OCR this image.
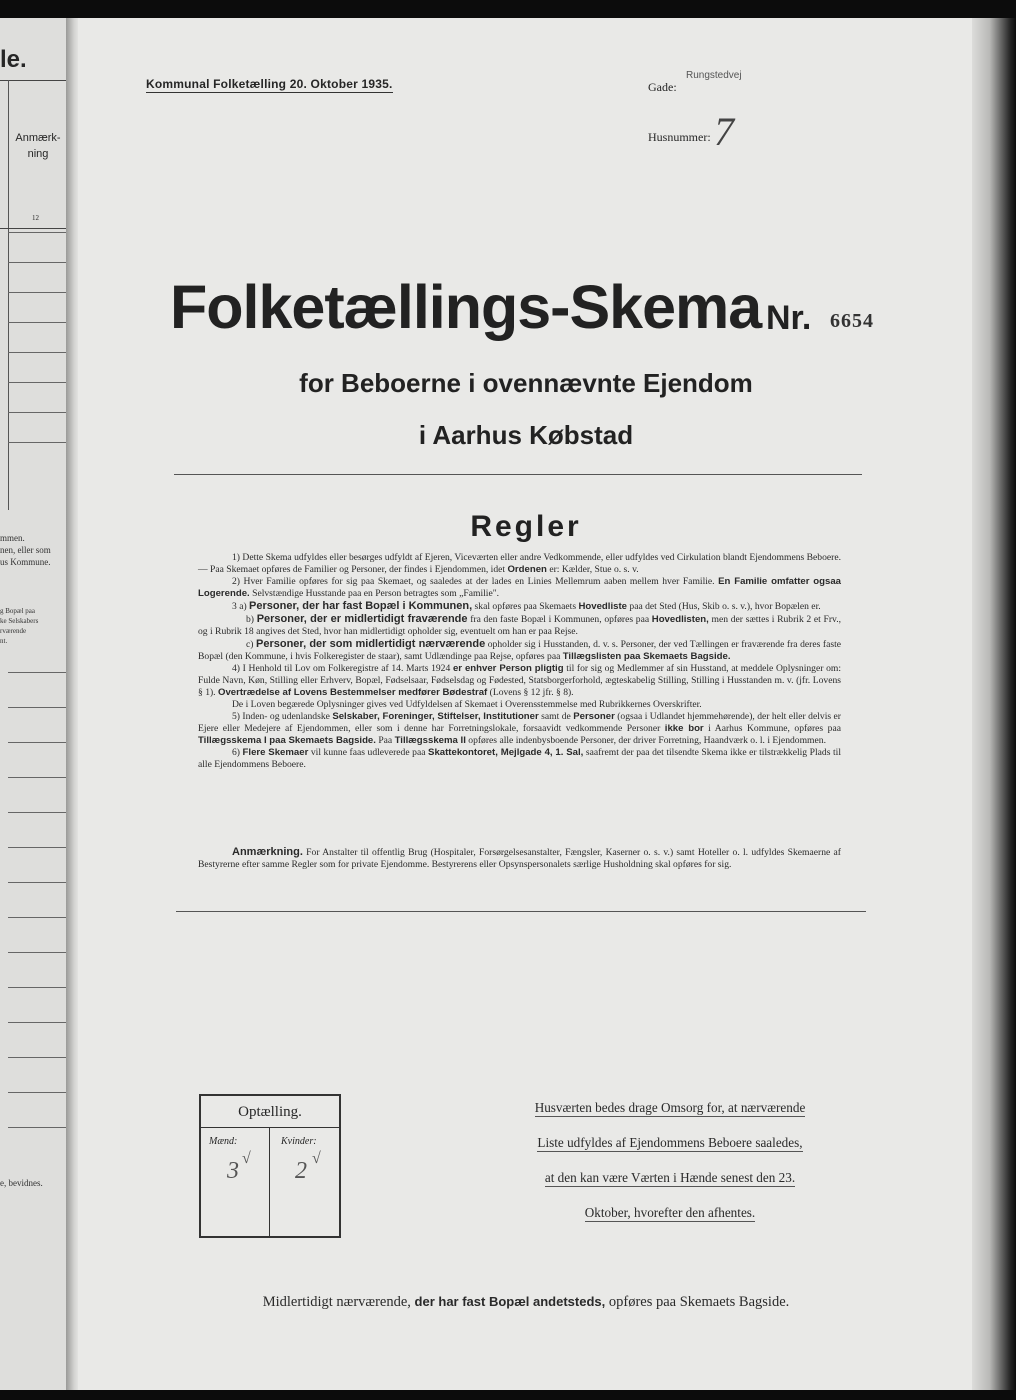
le.
Anmærk-
ning
12
mmen.
nen, eller som
us Kommune.
g Bopæl paa
ke Selskabers
rværende
nt.
e, bevidnes.
Kommunal Folketælling 20. Oktober 1935.	Gade:
Rungstedvej
Husnummer: 7
Folketællings-Skema Nr. 6654
for Beboerne i ovennævnte Ejendom
i Aarhus Købstad
Regler

1) Dette Skema udfyldes eller besørges udfyldt af Ejeren, Viceværten eller andre Vedkommende, eller udfyldes ved Cirkulation blandt Ejendommens Beboere. — Paa Skemaet opføres de Familier og Personer, der findes i Ejendommen, idet Ordenen er: Kælder, Stue o. s. v.

2) Hver Familie opføres for sig paa Skemaet, og saaledes at der lades en Linies Mellemrum aaben mellem hver Familie. En Familie omfatter ogsaa Logerende. Selvstændige Husstande paa en Person betragtes som „Familie".

3 a) Personer, der har fast Bopæl i Kommunen, skal opføres paa Skemaets Hovedliste paa det Sted (Hus, Skib o. s. v.), hvor Bopælen er.

b) Personer, der er midlertidigt fraværende fra den faste Bopæl i Kommunen, opføres paa Hovedlisten, men der sættes i Rubrik 2 et Frv., og i Rubrik 18 angives det Sted, hvor han midlertidigt opholder sig, eventuelt om han er paa Rejse.

c) Personer, der som midlertidigt nærværende opholder sig i Husstanden, d. v. s. Personer, der ved Tællingen er fraværende fra deres faste Bopæl (den Kommune, i hvis Folkeregister de staar), samt Udlændinge paa Rejse, opføres paa Tillægslisten paa Skemaets Bagside.

4) I Henhold til Lov om Folkeregistre af 14. Marts 1924 er enhver Person pligtig til for sig og Medlemmer af sin Husstand, at meddele Oplysninger om: Fulde Navn, Køn, Stilling eller Erhverv, Bopæl, Fødselsaar, Fødselsdag og Fødested, Statsborgerforhold, ægteskabelig Stilling, Stilling i Husstanden m. v. (jfr. Lovens § 1). Overtrædelse af Lovens Bestemmelser medfører Bødestraf (Lovens § 12 jfr. § 8).

De i Loven begærede Oplysninger gives ved Udfyldelsen af Skemaet i Overensstemmelse med Rubrikkernes Overskrifter.

5) Inden- og udenlandske Selskaber, Foreninger, Stiftelser, Institutioner samt de Personer (ogsaa i Udlandet hjemmehørende), der helt eller delvis er Ejere eller Medejere af Ejendommen, eller som i denne har Forretningslokale, forsaavidt vedkommende Personer ikke bor i Aarhus Kommune, opføres paa Tillægsskema I paa Skemaets Bagside. Paa Tillægsskema II opføres alle indenbysboende Personer, der driver Forretning, Haandværk o. l. i Ejendommen.

6) Flere Skemaer vil kunne faas udleverede paa Skattekontoret, Mejlgade 4, 1. Sal, saafremt der paa det tilsendte Skema ikke er tilstrækkelig Plads til alle Ejendommens Beboere.

Anmærkning. For Anstalter til offentlig Brug (Hospitaler, Forsørgelsesanstalter, Fængsler, Kaserner o. s. v.) samt Hoteller o. l. udfyldes Skemaerne af Bestyrerne efter samme Regler som for private Ejendomme. Bestyrerens eller Opsynspersonalets særlige Husholdning skal opføres for sig.
Optælling.
Mænd:	Kvinder:
3 √ 2 √
Husværten bedes drage Omsorg for, at nærværende
Liste udfyldes af Ejendommens Beboere saaledes,
at den kan være Værten i Hænde senest den 23.
Oktober, hvorefter den afhentes.
Midlertidigt nærværende, der har fast Bopæl andetsteds, opføres paa Skemaets Bagside.
